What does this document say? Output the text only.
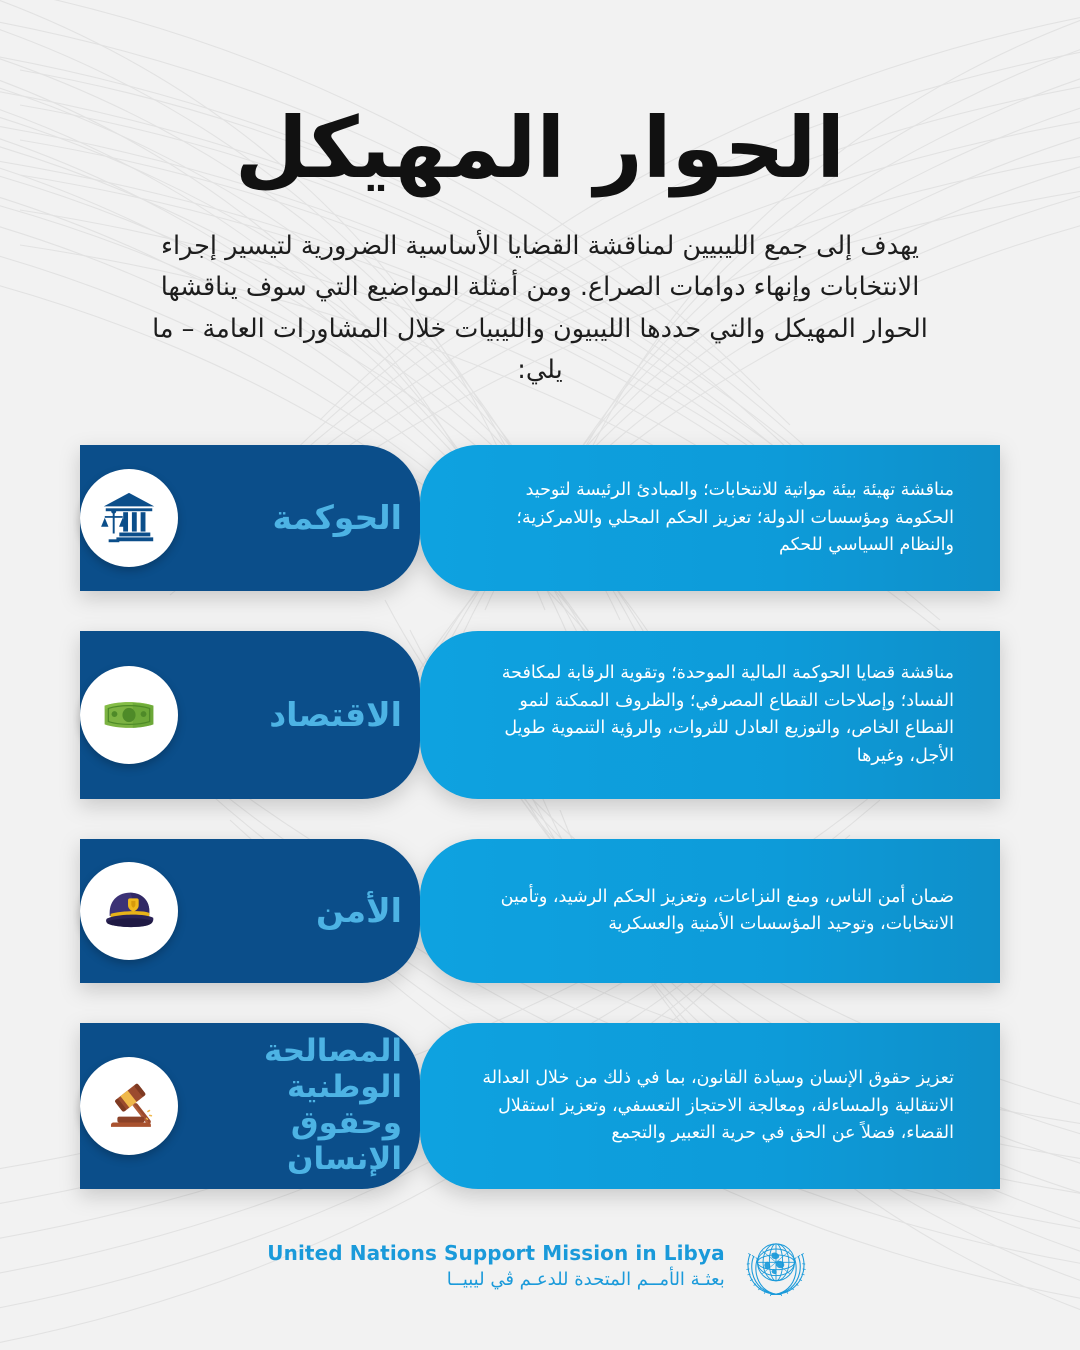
الحوار المهيكل

يهدف إلى جمع الليبيين لمناقشة القضايا الأساسية الضرورية لتيسير إجراء الانتخابات وإنهاء دوامات الصراع. ومن أمثلة المواضيع التي سوف يناقشها الحوار المهيكل والتي حددها الليبيون والليبيات خلال المشاورات العامة – ما يلي:

الحوكمة
مناقشة تهيئة بيئة مواتية للانتخابات؛ والمبادئ الرئيسة لتوحيد الحكومة ومؤسسات الدولة؛ تعزيز الحكم المحلي واللامركزية؛ والنظام السياسي للحكم
الاقتصاد
مناقشة قضايا الحوكمة المالية الموحدة؛ وتقوية الرقابة لمكافحة الفساد؛ وإصلاحات القطاع المصرفي؛ والظروف الممكنة لنمو القطاع الخاص، والتوزيع العادل للثروات، والرؤية التنموية طويل الأجل، وغيرها
الأمن	ضمان أمن الناس، ومنع النزاعات، وتعزيز الحكم الرشيد، وتأمين الانتخابات، وتوحيد المؤسسات الأمنية والعسكرية
المصالحة الوطنية وحقوق الإنسان
تعزيز حقوق الإنسان وسيادة القانون، بما في ذلك من خلال العدالة الانتقالية والمساءلة، ومعالجة الاحتجاز التعسفي، وتعزيز استقلال القضاء، فضلاً عن الحق في حرية التعبير والتجمع
United Nations Support Mission in Libya
بعثـة الأمــم المتحدة للدعـم ﭬﻲ ليبيــا
